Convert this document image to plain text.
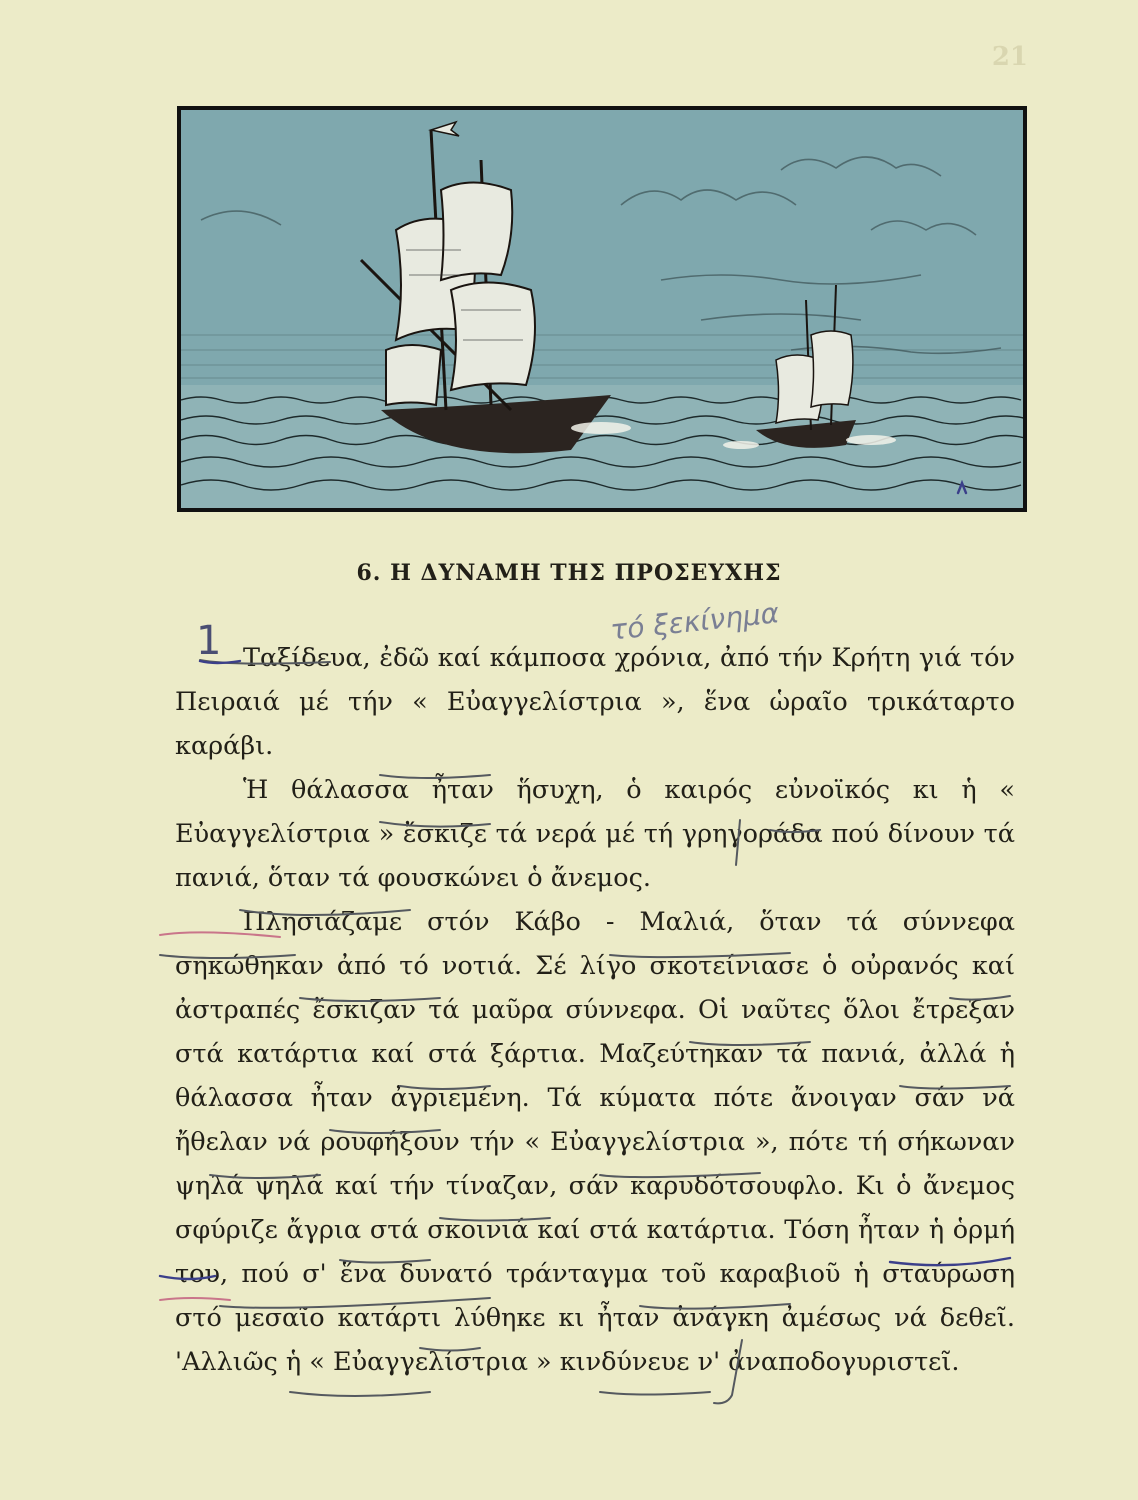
21
6. Η ΔΥΝΑΜΗ ΤΗΣ ΠΡΟΣΕΥΧΗΣ
τό ξεκίνημα
1 Ταξίδευα, ἐδῶ καί κάμποσα χρόνια, ἀπό τήν Κρήτη γιά τόν Πειραιά μέ τήν « Εὐαγγελίστρια », ἕνα ὡραῖο τρικάταρτο καράβι.

Ἡ θάλασσα ἦταν ἥσυχη, ὁ καιρός εὐνοϊκός κι ἡ « Εὐαγγελίστρια » ἔσκιζε τά νερά μέ τή γρηγοράδα πού δίνουν τά πανιά, ὅταν τά φουσκώνει ὁ ἄνεμος.

Πλησιάζαμε στόν Κάβο - Μαλιά, ὅταν τά σύννεφα σηκώθηκαν ἀπό τό νοτιά. Σέ λίγο σκοτείνιασε ὁ οὐρανός καί ἀστραπές ἔσκιζαν τά μαῦρα σύννεφα. Οἱ ναῦτες ὅλοι ἔτρεξαν στά κατάρτια καί στά ξάρτια. Μαζεύτηκαν τά πανιά, ἀλλά ἡ θάλασσα ἦταν ἀγριεμένη. Τά κύματα πότε ἄνοιγαν σάν νά ἤθελαν νά ρουφήξουν τήν « Εὐαγγελίστρια », πότε τή σήκωναν ψηλά ψηλά καί τήν τίναζαν, σάν καρυδότσουφλο. Κι ὁ ἄνεμος σφύριζε ἄγρια στά σκοινιά καί στά κατάρτια. Τόση ἦταν ἡ ὁρμή του, πού σ' ἕνα δυνατό τράνταγμα τοῦ καραβιοῦ ἡ σταύρωση στό μεσαῖο κατάρτι λύθηκε κι ἦταν ἀνάγκη ἀμέσως νά δεθεῖ. 'Αλλιῶς ἡ « Εὐαγγελίστρια » κινδύνευε ν' ἀναποδογυριστεῖ.
